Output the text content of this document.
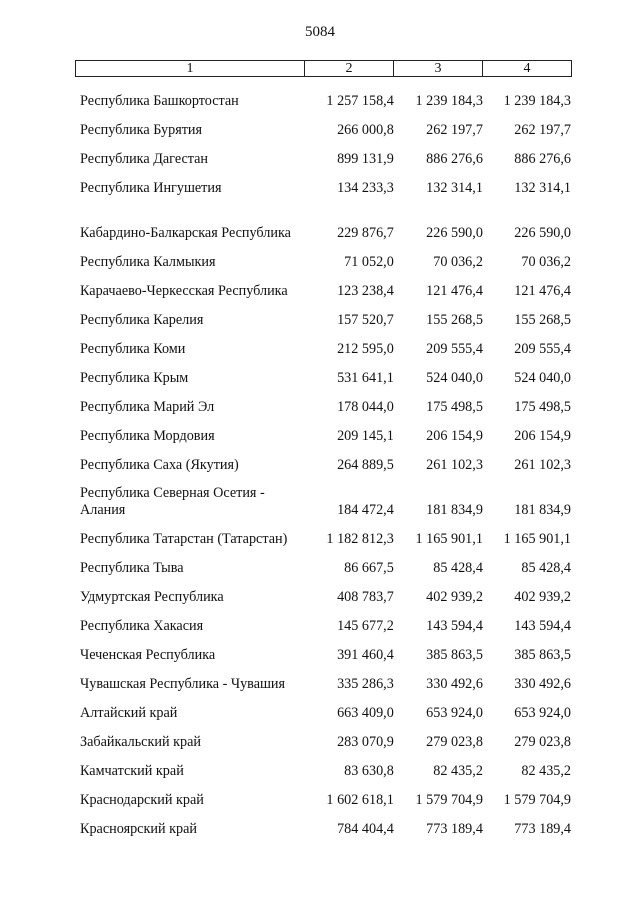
5084
1	2	3	4
Республика Башкортостан	1 257 158,4	1 239 184,3	1 239 184,3
Республика Бурятия	266 000,8	262 197,7	262 197,7
Республика Дагестан	899 131,9	886 276,6	886 276,6
Республика Ингушетия	134 233,3	132 314,1	132 314,1
Кабардино-Балкарская Республика	229 876,7	226 590,0	226 590,0
Республика Калмыкия	71 052,0	70 036,2	70 036,2
Карачаево-Черкесская Республика	123 238,4	121 476,4	121 476,4
Республика Карелия	157 520,7	155 268,5	155 268,5
Республика Коми	212 595,0	209 555,4	209 555,4
Республика Крым	531 641,1	524 040,0	524 040,0
Республика Марий Эл	178 044,0	175 498,5	175 498,5
Республика Мордовия	209 145,1	206 154,9	206 154,9
Республика Саха (Якутия)	264 889,5	261 102,3	261 102,3
Республика Северная Осетия - Алания	184 472,4	181 834,9	181 834,9
Республика Татарстан (Татарстан)	1 182 812,3	1 165 901,1	1 165 901,1
Республика Тыва	86 667,5	85 428,4	85 428,4
Удмуртская Республика	408 783,7	402 939,2	402 939,2
Республика Хакасия	145 677,2	143 594,4	143 594,4
Чеченская Республика	391 460,4	385 863,5	385 863,5
Чувашская Республика - Чувашия	335 286,3	330 492,6	330 492,6
Алтайский край	663 409,0	653 924,0	653 924,0
Забайкальский край	283 070,9	279 023,8	279 023,8
Камчатский край	83 630,8	82 435,2	82 435,2
Краснодарский край	1 602 618,1	1 579 704,9	1 579 704,9
Красноярский край	784 404,4	773 189,4	773 189,4
